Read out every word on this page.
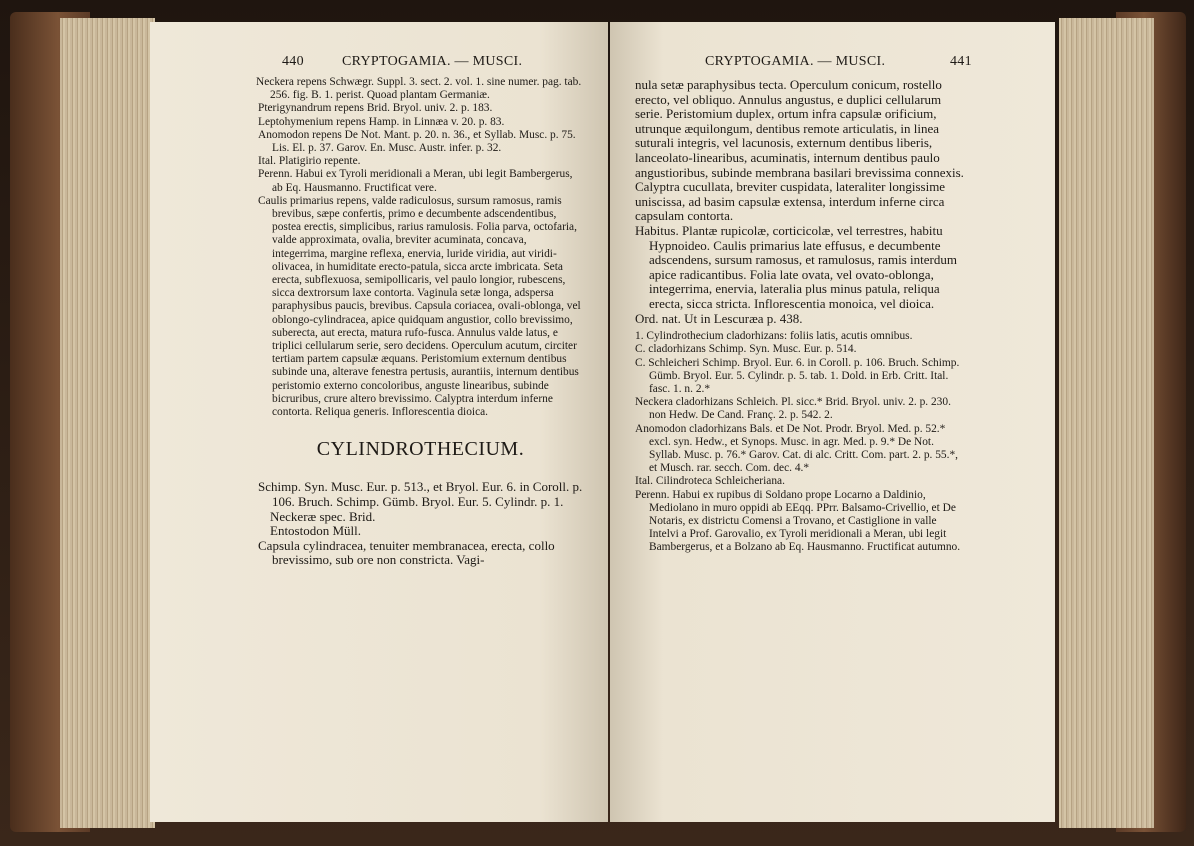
440	CRYPTOGAMIA. — MUSCI.

Neckera repens Schwægr. Suppl. 3. sect. 2. vol. 1. sine numer. pag. tab. 256. fig. B. 1. perist. Quoad plantam Germaniæ.

Pterigynandrum repens Brid. Bryol. univ. 2. p. 183.

Leptohymenium repens Hamp. in Linnæa v. 20. p. 83.

Anomodon repens De Not. Mant. p. 20. n. 36., et Syllab. Musc. p. 75. Lis. El. p. 37. Garov. En. Musc. Austr. infer. p. 32.

Ital. Platigirio repente.

Perenn. Habui ex Tyroli meridionali a Meran, ubi legit Bambergerus, ab Eq. Hausmanno. Fructificat vere.

Caulis primarius repens, valde radiculosus, sursum ramosus, ramis brevibus, sæpe confertis, primo e decumbente adscendentibus, postea erectis, simplicibus, rarius ramulosis. Folia parva, octofaria, valde approximata, ovalia, breviter acuminata, concava, integerrima, margine reflexa, enervia, luride viridia, aut viridi-olivacea, in humiditate erecto-patula, sicca arcte imbricata. Seta erecta, subflexuosa, semipollicaris, vel paulo longior, rubescens, sicca dextrorsum laxe contorta. Vaginula setæ longa, adspersa paraphysibus paucis, brevibus. Capsula coriacea, ovali-oblonga, vel oblongo-cylindracea, apice quidquam angustior, collo brevissimo, suberecta, aut erecta, matura rufo-fusca. Annulus valde latus, e triplici cellularum serie, sero decidens. Operculum acutum, circiter tertiam partem capsulæ æquans. Peristomium externum dentibus subinde una, alterave fenestra pertusis, aurantiis, internum dentibus peristomio externo concoloribus, anguste linearibus, subinde bicruribus, crure altero brevissimo. Calyptra interdum inferne contorta. Reliqua generis. Inflorescentia dioica.

CYLINDROTHECIUM.

Schimp. Syn. Musc. Eur. p. 513., et Bryol. Eur. 6. in Coroll. p. 106. Bruch. Schimp. Gümb. Bryol. Eur. 5. Cylindr. p. 1.

Neckeræ spec. Brid.

Entostodon Müll.

Capsula cylindracea, tenuiter membranacea, erecta, collo brevissimo, sub ore non constricta. Vagi-

CRYPTOGAMIA. — MUSCI.	441

nula setæ paraphysibus tecta. Operculum conicum, rostello erecto, vel obliquo. Annulus angustus, e duplici cellularum serie. Peristomium duplex, ortum infra capsulæ orificium, utrunque æquilongum, dentibus remote articulatis, in linea suturali integris, vel lacunosis, externum dentibus liberis, lanceolato-linearibus, acuminatis, internum dentibus paulo angustioribus, subinde membrana basilari brevissima connexis. Calyptra cucullata, breviter cuspidata, lateraliter longissime uniscissa, ad basim capsulæ extensa, interdum inferne circa capsulam contorta.

Habitus. Plantæ rupicolæ, corticicolæ, vel terrestres, habitu Hypnoideo. Caulis primarius late effusus, e decumbente adscendens, sursum ramosus, et ramulosus, ramis interdum apice radicantibus. Folia late ovata, vel ovato-oblonga, integerrima, enervia, lateralia plus minus patula, reliqua erecta, sicca stricta. Inflorescentia monoica, vel dioica.

Ord. nat. Ut in Lescuræa p. 438.

1. Cylindrothecium cladorhizans: foliis latis, acutis omnibus.

C. cladorhizans Schimp. Syn. Musc. Eur. p. 514.

C. Schleicheri Schimp. Bryol. Eur. 6. in Coroll. p. 106. Bruch. Schimp. Gümb. Bryol. Eur. 5. Cylindr. p. 5. tab. 1. Dold. in Erb. Critt. Ital. fasc. 1. n. 2.*

Neckera cladorhizans Schleich. Pl. sicc.* Brid. Bryol. univ. 2. p. 230. non Hedw. De Cand. Franç. 2. p. 542. 2.

Anomodon cladorhizans Bals. et De Not. Prodr. Bryol. Med. p. 52.* excl. syn. Hedw., et Synops. Musc. in agr. Med. p. 9.* De Not. Syllab. Musc. p. 76.* Garov. Cat. di alc. Critt. Com. part. 2. p. 55.*, et Musch. rar. secch. Com. dec. 4.*

Ital. Cilindroteca Schleicheriana.

Perenn. Habui ex rupibus di Soldano prope Locarno a Daldinio, Mediolano in muro oppidi ab EEqq. PPrr. Balsamo-Crivellio, et De Notaris, ex districtu Comensi a Trovano, et Castiglione in valle Intelvi a Prof. Garovalio, ex Tyroli meridionali a Meran, ubi legit Bambergerus, et a Bolzano ab Eq. Hausmanno. Fructificat autumno.
